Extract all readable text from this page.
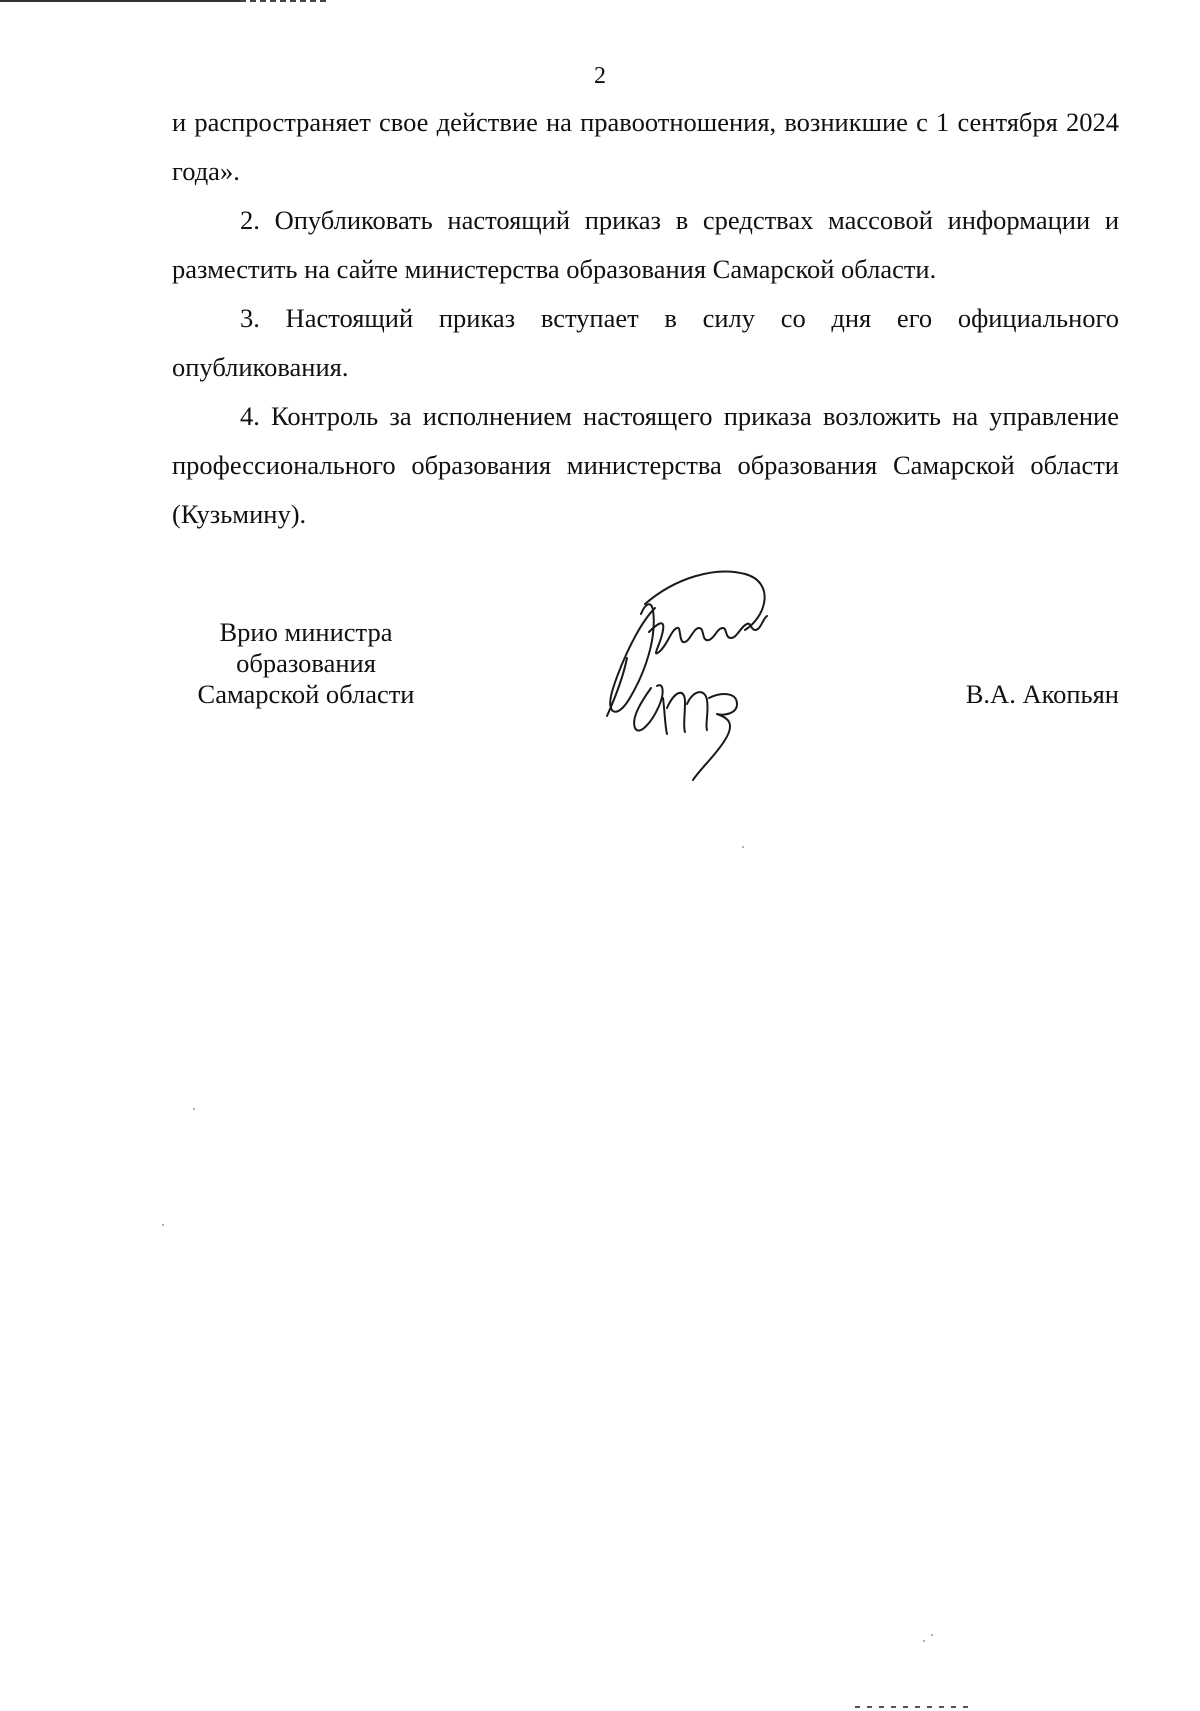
2

и распространяет свое действие на правоотношения, возникшие с 1 сентября 2024 года».

2. Опубликовать настоящий приказ в средствах массовой информации и разместить на сайте министерства образования Самарской области.

3. Настоящий приказ вступает в силу со дня его официального опубликования.

4. Контроль за исполнением настоящего приказа возложить на управление профессионального образования министерства образования Самарской области (Кузьмину).

Врио министра
образования
Самарской области	В.А. Акопьян
